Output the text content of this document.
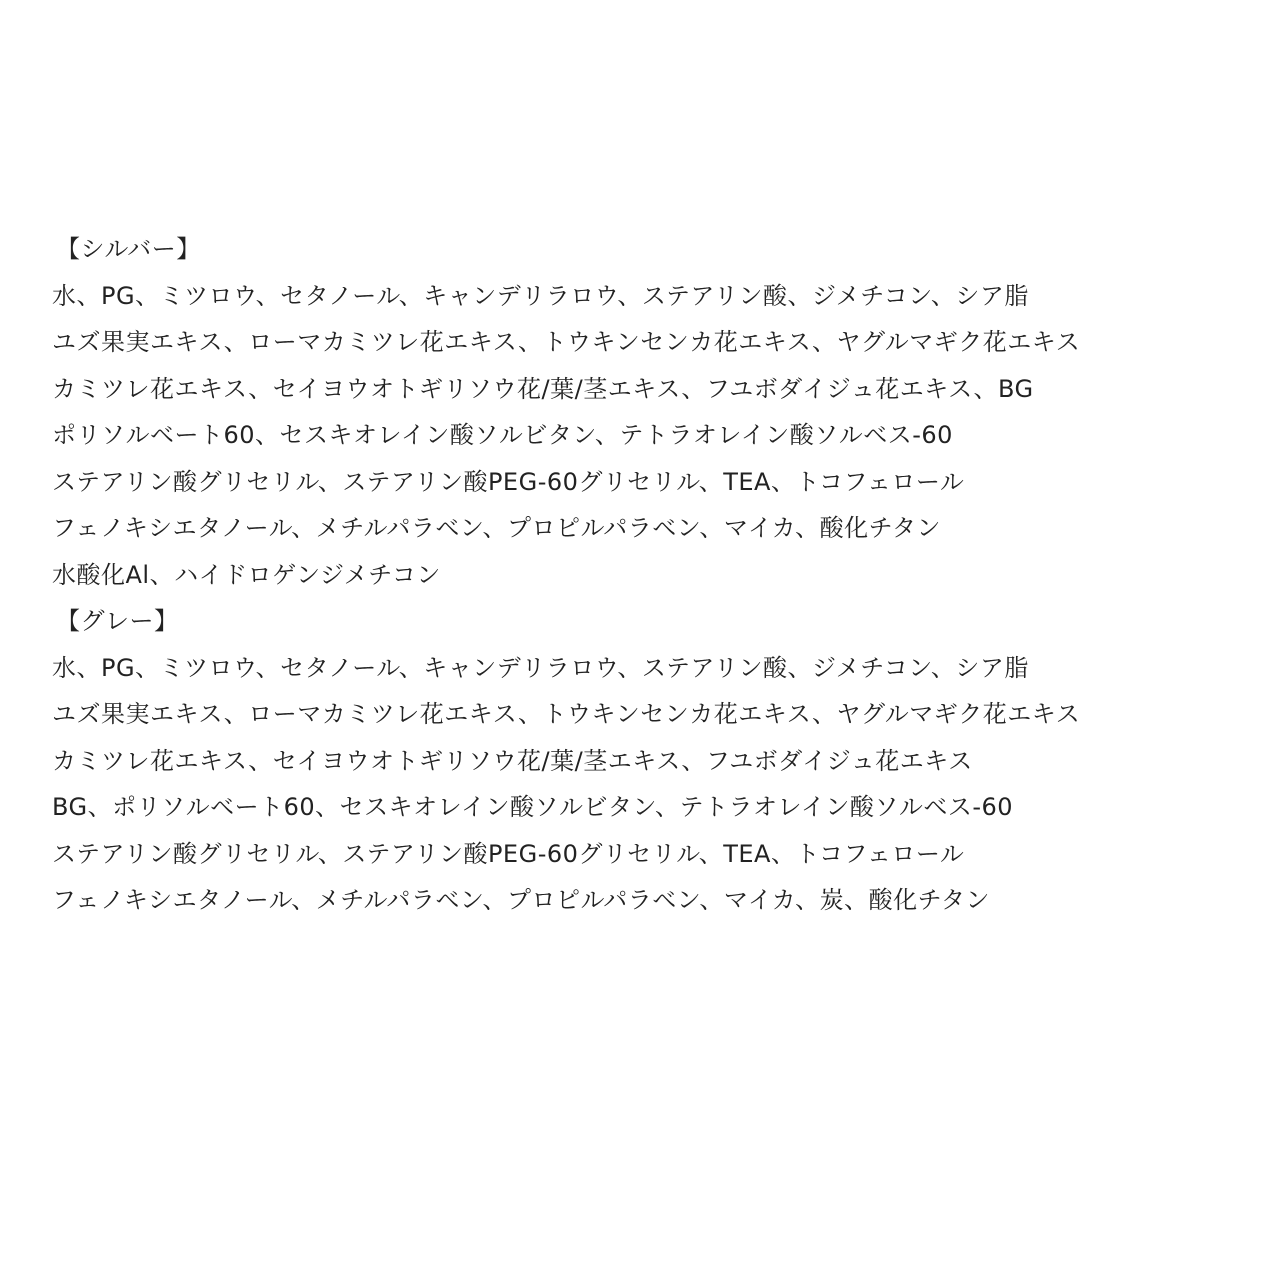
【シルバー】
水、PG、ミツロウ、セタノール、キャンデリラロウ、ステアリン酸、ジメチコン、シア脂
ユズ果実エキス、ローマカミツレ花エキス、トウキンセンカ花エキス、ヤグルマギク花エキス
カミツレ花エキス、セイヨウオトギリソウ花/葉/茎エキス、フユボダイジュ花エキス、BG
ポリソルベート60、セスキオレイン酸ソルビタン、テトラオレイン酸ソルベス-60
ステアリン酸グリセリル、ステアリン酸PEG-60グリセリル、TEA、トコフェロール
フェノキシエタノール、メチルパラベン、プロピルパラベン、マイカ、酸化チタン
水酸化Al、ハイドロゲンジメチコン
【グレー】
水、PG、ミツロウ、セタノール、キャンデリラロウ、ステアリン酸、ジメチコン、シア脂
ユズ果実エキス、ローマカミツレ花エキス、トウキンセンカ花エキス、ヤグルマギク花エキス
カミツレ花エキス、セイヨウオトギリソウ花/葉/茎エキス、フユボダイジュ花エキス
BG、ポリソルベート60、セスキオレイン酸ソルビタン、テトラオレイン酸ソルベス-60
ステアリン酸グリセリル、ステアリン酸PEG-60グリセリル、TEA、トコフェロール
フェノキシエタノール、メチルパラベン、プロピルパラベン、マイカ、炭、酸化チタン
